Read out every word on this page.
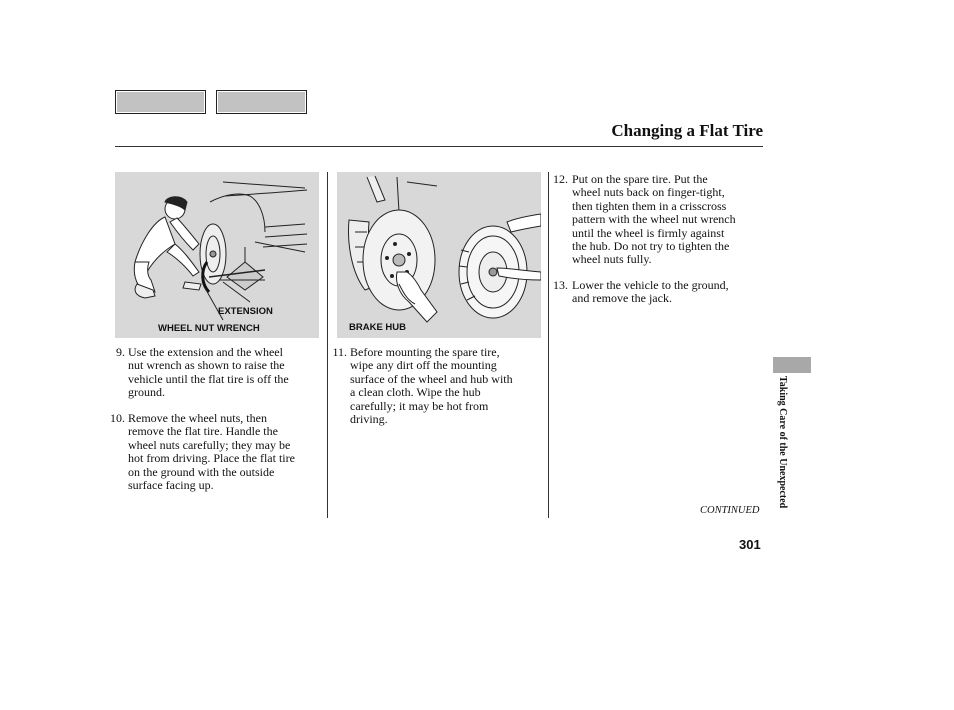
Changing a Flat Tire
EXTENSION
WHEEL NUT WRENCH	BRAKE HUB
9. Use the extension and the wheel
nut wrench as shown to raise the
vehicle until the flat tire is off the
ground.
10. Remove the wheel nuts, then
remove the flat tire. Handle the
wheel nuts carefully; they may be
hot from driving. Place the flat tire
on the ground with the outside
surface facing up.
11. Before mounting the spare tire,
wipe any dirt off the mounting
surface of the wheel and hub with
a clean cloth. Wipe the hub
carefully; it may be hot from
driving.
12. Put on the spare tire. Put the
wheel nuts back on finger-tight,
then tighten them in a crisscross
pattern with the wheel nut wrench
until the wheel is firmly against
the hub. Do not try to tighten the
wheel nuts fully.
13. Lower the vehicle to the ground,
and remove the jack.
Taking Care of the Unexpected
CONTINUED
301
